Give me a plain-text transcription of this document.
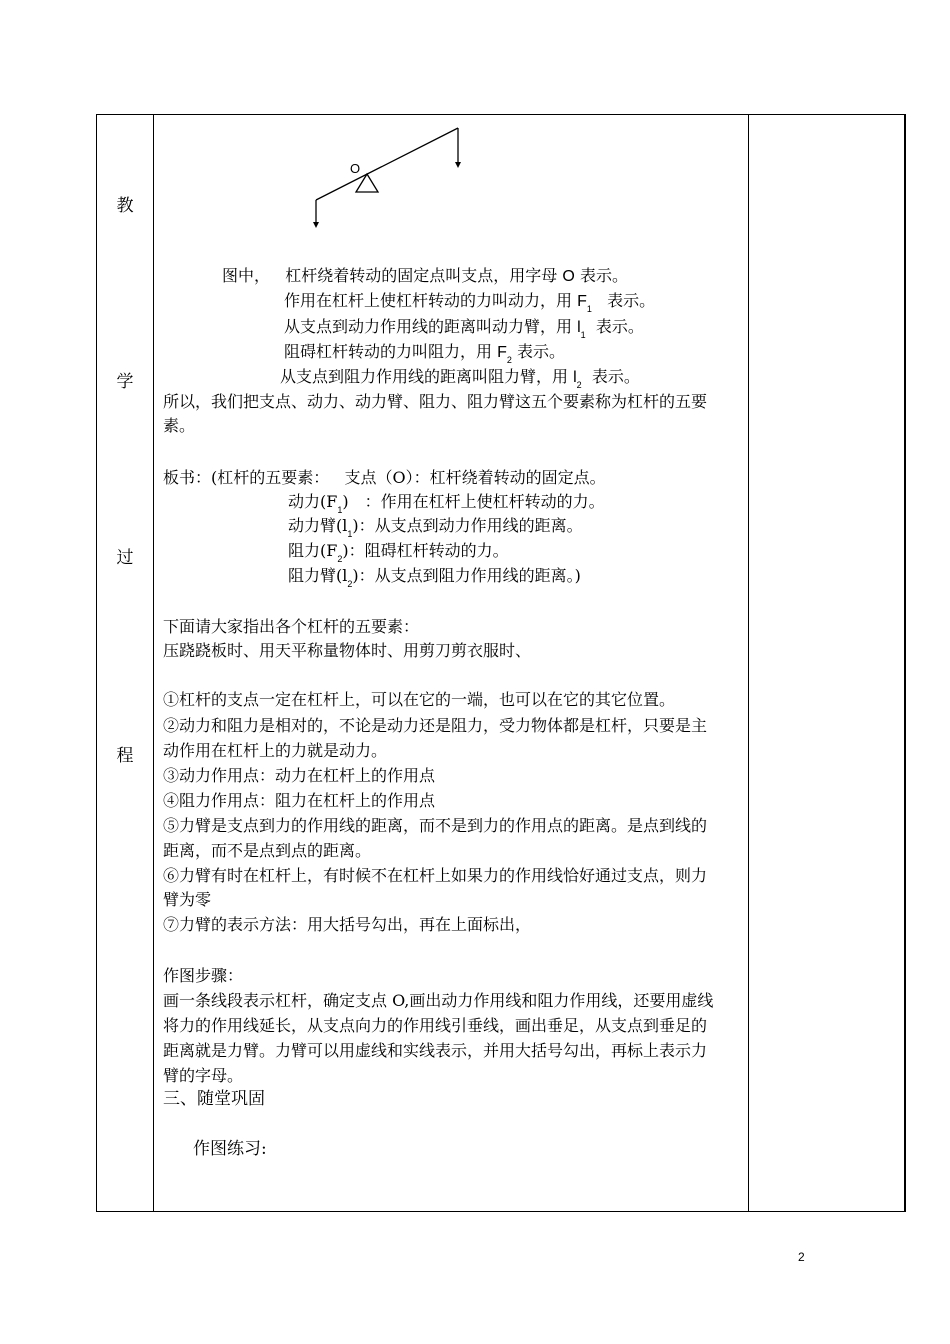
教
学
过
程
O
图中， 杠杆绕着转动的固定点叫支点，用字母 O 表示。
作用在杠杆上使杠杆转动的力叫动力，用 $F_1$ 表示。
从支点到动力作用线的距离叫动力臂，用 $l_1$ 表示。
阻碍杠杆转动的力叫阻力，用 $F_2$ 表示。
从支点到阻力作用线的距离叫阻力臂，用 $l_2$ 表示。
所以，我们把支点、动力、动力臂、阻力、阻力臂这五个要素称为杠杆的五要
素。
板书：(杠杆的五要素： 支点（O）：杠杆绕着转动的固定点。
动力$(F_1)$　：作用在杠杆上使杠杆转动的力。
动力臂$(l_1)$：从支点到动力作用线的距离。
阻力$(F_2)$：阻碍杠杆转动的力。
阻力臂$(l_2)$：从支点到阻力作用线的距离。)
下面请大家指出各个杠杆的五要素：
压跷跷板时、用天平称量物体时、用剪刀剪衣服时、
①杠杆的支点一定在杠杆上，可以在它的一端，也可以在它的其它位置。
②动力和阻力是相对的，不论是动力还是阻力，受力物体都是杠杆，只要是主
动作用在杠杆上的力就是动力。
③动力作用点：动力在杠杆上的作用点
④阻力作用点：阻力在杠杆上的作用点
⑤力臂是支点到力的作用线的距离，而不是到力的作用点的距离。是点到线的
距离，而不是点到点的距离。
⑥力臂有时在杠杆上，有时候不在杠杆上如果力的作用线恰好通过支点，则力
臂为零
⑦力臂的表示方法：用大括号勾出，再在上面标出，
作图步骤：
画一条线段表示杠杆，确定支点 O,画出动力作用线和阻力作用线，还要用虚线
将力的作用线延长，从支点向力的作用线引垂线，画出垂足，从支点到垂足的
距离就是力臂。力臂可以用虚线和实线表示，并用大括号勾出，再标上表示力
臂的字母。
三、随堂巩固
作图练习:
2
